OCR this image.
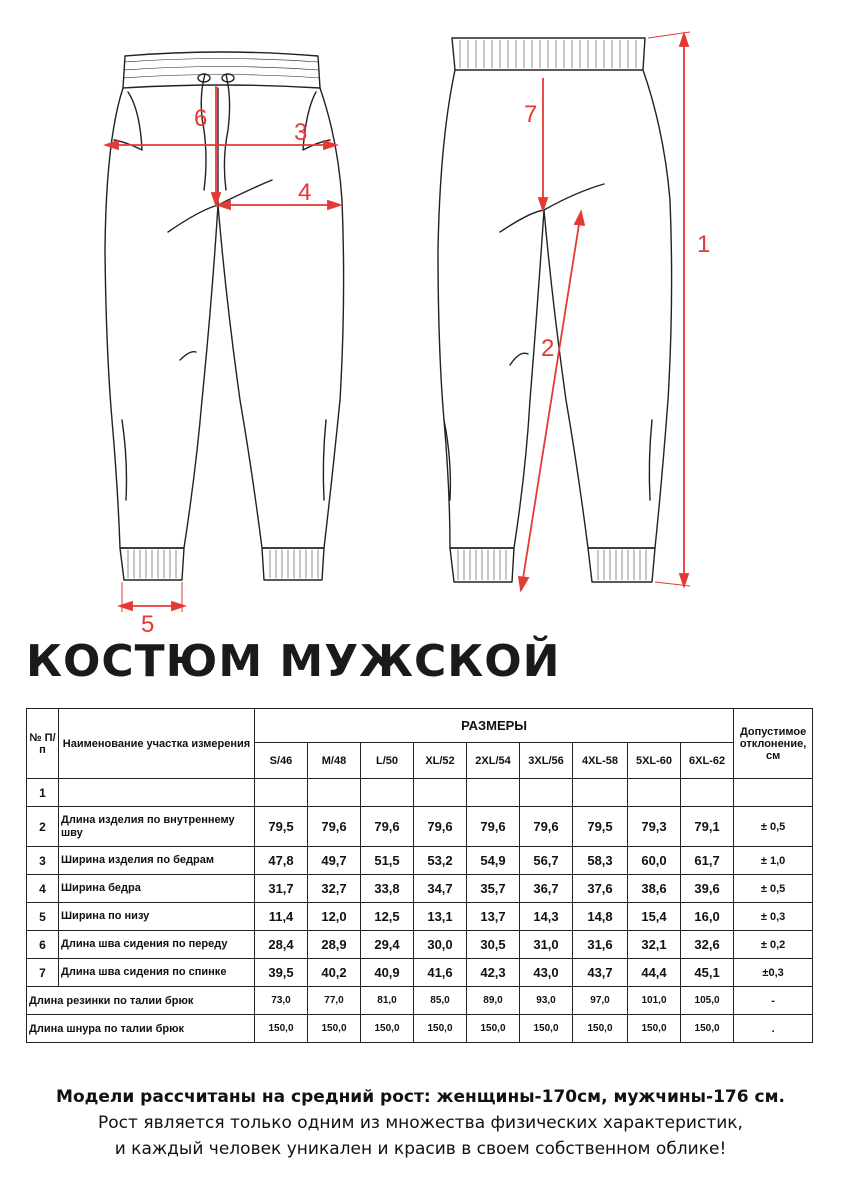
1
2
3
4
5
6	7
КОСТЮМ МУЖСКОЙ
№ П/п	Наименование участка измерения	РАЗМЕРЫ									Допустимое отклонение, см
		S/46	M/48	L/50	XL/52	2XL/54	3XL/56	4XL-58	5XL-60	6XL-62	
1											
2	Длина изделия по внутреннему шву	79,5	79,6	79,6	79,6	79,6	79,6	79,5	79,3	79,1	± 0,5
3	Ширина изделия по бедрам	47,8	49,7	51,5	53,2	54,9	56,7	58,3	60,0	61,7	± 1,0
4	Ширина бедра	31,7	32,7	33,8	34,7	35,7	36,7	37,6	38,6	39,6	± 0,5
5	Ширина по низу	11,4	12,0	12,5	13,1	13,7	14,3	14,8	15,4	16,0	± 0,3
6	Длина шва сидения по переду	28,4	28,9	29,4	30,0	30,5	31,0	31,6	32,1	32,6	± 0,2
7	Длина шва сидения по спинке	39,5	40,2	40,9	41,6	42,3	43,0	43,7	44,4	45,1	±0,3
Длина резинки по талии брюк		73,0	77,0	81,0	85,0	89,0	93,0	97,0	101,0	105,0	-
Длина шнура по талии брюк		150,0	150,0	150,0	150,0	150,0	150,0	150,0	150,0	150,0	.
Модели рассчитаны на средний рост: женщины-170см, мужчины-176 см.
Рост является только одним из множества физических характеристик,
и каждый человек уникален и красив в своем собственном облике!
